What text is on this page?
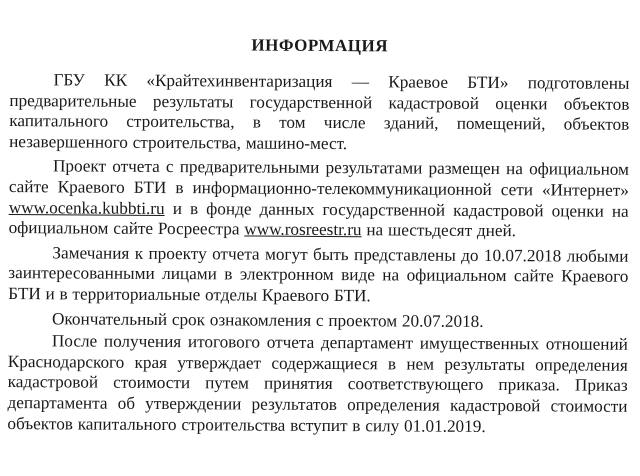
ИНФОРМАЦИЯ

ГБУ КК «Крайтехинвентаризация — Краевое БТИ» подготовлены предварительные результаты государственной кадастровой оценки объектов капитального строительства, в том числе зданий, помещений, объектов незавершенного строительства, машино-мест.

Проект отчета с предварительными результатами размещен на официальном сайте Краевого БТИ в информационно-телекоммуникационной сети «Интернет» www.ocenka.kubbti.ru и в фонде данных государственной кадастровой оценки на официальном сайте Росреестра www.rosreestr.ru на шестьдесят дней.

Замечания к проекту отчета могут быть представлены до 10.07.2018 любыми заинтересованными лицами в электронном виде на официальном сайте Краевого БТИ и в территориальные отделы Краевого БТИ.

Окончательный срок ознакомления с проектом 20.07.2018.

После получения итогового отчета департамент имущественных отношений Краснодарского края утверждает содержащиеся в нем результаты определения кадастровой стоимости путем принятия соответствующего приказа. Приказ департамента об утверждении результатов определения кадастровой стоимости объектов капитального строительства вступит в силу 01.01.2019.
